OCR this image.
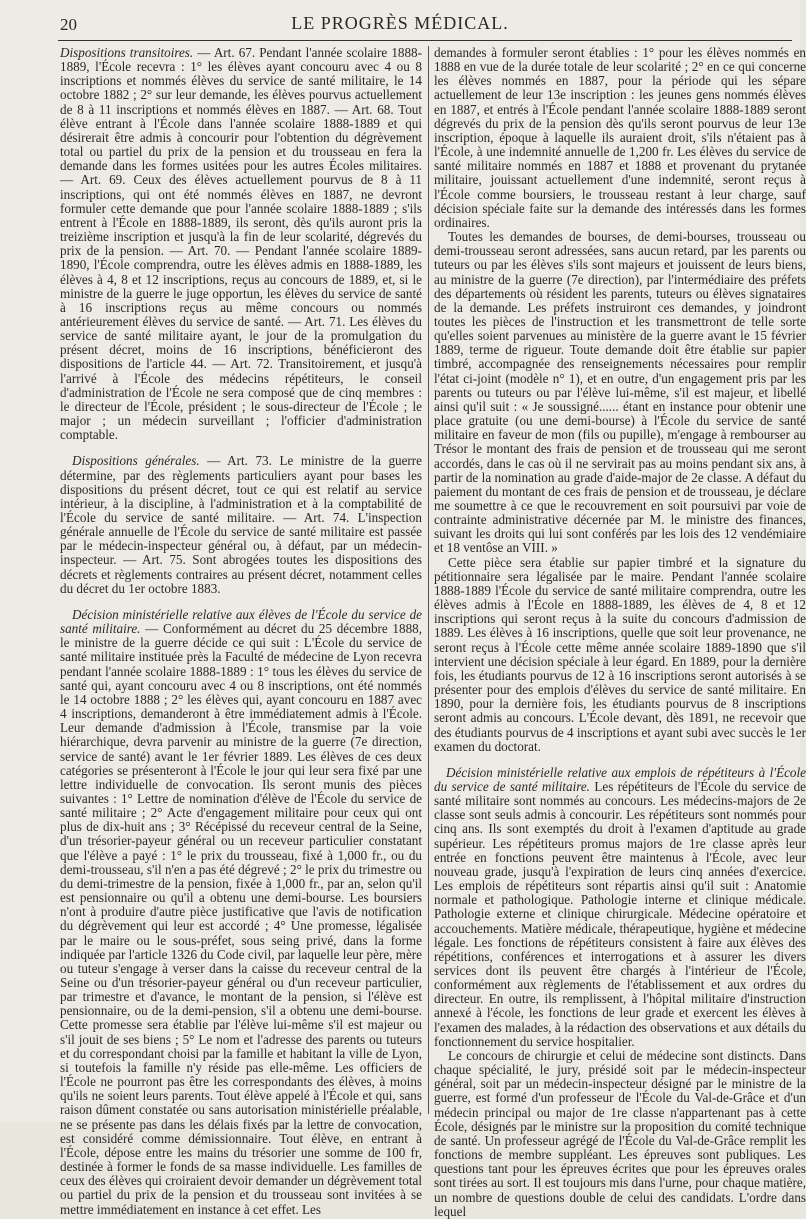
20	LE PROGRÈS MÉDICAL.

Dispositions transitoires. — Art. 67. Pendant l'année scolaire 1888-1889, l'École recevra : 1° les élèves ayant concouru avec 4 ou 8 inscriptions et nommés élèves du service de santé militaire, le 14 octobre 1882 ; 2° sur leur demande, les élèves pourvus actuellement de 8 à 11 inscriptions et nommés élèves en 1887. — Art. 68. Tout élève entrant à l'École dans l'année scolaire 1888-1889 et qui désirerait être admis à concourir pour l'obtention du dégrèvement total ou partiel du prix de la pension et du trousseau en fera la demande dans les formes usitées pour les autres Écoles militaires. — Art. 69. Ceux des élèves actuellement pourvus de 8 à 11 inscriptions, qui ont été nommés élèves en 1887, ne devront formuler cette demande que pour l'année scolaire 1888-1889 ; s'ils entrent à l'École en 1888-1889, ils seront, dès qu'ils auront pris la treizième inscription et jusqu'à la fin de leur scolarité, dégrevés du prix de la pension. — Art. 70. — Pendant l'année scolaire 1889-1890, l'École comprendra, outre les élèves admis en 1888-1889, les élèves à 4, 8 et 12 inscriptions, reçus au concours de 1889, et, si le ministre de la guerre le juge opportun, les élèves du service de santé à 16 inscriptions reçus au même concours ou nommés antérieurement élèves du service de santé. — Art. 71. Les élèves du service de santé militaire ayant, le jour de la promulgation du présent décret, moins de 16 inscriptions, bénéficieront des dispositions de l'article 44. — Art. 72. Transitoirement, et jusqu'à l'arrivé à l'École des médecins répétiteurs, le conseil d'administration de l'École ne sera composé que de cinq membres : le directeur de l'École, président ; le sous-directeur de l'École ; le major ; un médecin surveillant ; l'officier d'administration comptable.

Dispositions générales. — Art. 73. Le ministre de la guerre détermine, par des règlements particuliers ayant pour bases les dispositions du présent décret, tout ce qui est relatif au service intérieur, à la discipline, à l'administration et à la comptabilité de l'École du service de santé militaire. — Art. 74. L'inspection générale annuelle de l'École du service de santé militaire est passée par le médecin-inspecteur général ou, à défaut, par un médecin-inspecteur. — Art. 75. Sont abrogées toutes les dispositions des décrets et règlements contraires au présent décret, notamment celles du décret du 1er octobre 1883.

Décision ministérielle relative aux élèves de l'École du service de santé militaire. — Conformément au décret du 25 décembre 1888, le ministre de la guerre décide ce qui suit : L'École du service de santé militaire instituée près la Faculté de médecine de Lyon recevra pendant l'année scolaire 1888-1889 : 1° tous les élèves du service de santé qui, ayant concouru avec 4 ou 8 inscriptions, ont été nommés le 14 octobre 1888 ; 2° les élèves qui, ayant concouru en 1887 avec 4 inscriptions, demanderont à être immédiatement admis à l'École. Leur demande d'admission à l'École, transmise par la voie hiérarchique, devra parvenir au ministre de la guerre (7e direction, service de santé) avant le 1er février 1889. Les élèves de ces deux catégories se présenteront à l'École le jour qui leur sera fixé par une lettre individuelle de convocation. Ils seront munis des pièces suivantes : 1° Lettre de nomination d'élève de l'École du service de santé militaire ; 2° Acte d'engagement militaire pour ceux qui ont plus de dix-huit ans ; 3° Récépissé du receveur central de la Seine, d'un trésorier-payeur général ou un receveur particulier constatant que l'élève a payé : 1° le prix du trousseau, fixé à 1,000 fr., ou du demi-trousseau, s'il n'en a pas été dégrevé ; 2° le prix du trimestre ou du demi-trimestre de la pension, fixée à 1,000 fr., par an, selon qu'il est pensionnaire ou qu'il a obtenu une demi-bourse. Les boursiers n'ont à produire d'autre pièce justificative que l'avis de notification du dégrèvement qui leur est accordé ; 4° Une promesse, légalisée par le maire ou le sous-préfet, sous seing privé, dans la forme indiquée par l'article 1326 du Code civil, par laquelle leur père, mère ou tuteur s'engage à verser dans la caisse du receveur central de la Seine ou d'un trésorier-payeur général ou d'un receveur particulier, par trimestre et d'avance, le montant de la pension, si l'élève est pensionnaire, ou de la demi-pension, s'il a obtenu une demi-bourse. Cette promesse sera établie par l'élève lui-même s'il est majeur ou s'il jouit de ses biens ; 5° Le nom et l'adresse des parents ou tuteurs et du correspondant choisi par la famille et habitant la ville de Lyon, si toutefois la famille n'y réside pas elle-même. Les officiers de l'École ne pourront pas être les correspondants des élèves, à moins qu'ils ne soient leurs parents. Tout élève appelé à l'École et qui, sans raison dûment constatée ou sans autorisation ministérielle préalable, ne se présente pas dans les délais fixés par la lettre de convocation, est considéré comme démissionnaire. Tout élève, en entrant à l'École, dépose entre les mains du trésorier une somme de 100 fr, destinée à former le fonds de sa masse individuelle. Les familles de ceux des élèves qui croiraient devoir demander un dégrèvement total ou partiel du prix de la pension et du trousseau sont invitées à se mettre immédiatement en instance à cet effet. Les

demandes à formuler seront établies : 1° pour les élèves nommés en 1888 en vue de la durée totale de leur scolarité ; 2° en ce qui concerne les élèves nommés en 1887, pour la période qui les sépare actuellement de leur 13e inscription : les jeunes gens nommés élèves en 1887, et entrés à l'École pendant l'année scolaire 1888-1889 seront dégrevés du prix de la pension dès qu'ils seront pourvus de leur 13e inscription, époque à laquelle ils auraient droit, s'ils n'étaient pas à l'École, à une indemnité annuelle de 1,200 fr. Les élèves du service de santé militaire nommés en 1887 et 1888 et provenant du prytanée militaire, jouissant actuellement d'une indemnité, seront reçus à l'École comme boursiers, le trousseau restant à leur charge, sauf décision spéciale faite sur la demande des intéressés dans les formes ordinaires.

Toutes les demandes de bourses, de demi-bourses, trousseau ou demi-trousseau seront adressées, sans aucun retard, par les parents ou tuteurs ou par les élèves s'ils sont majeurs et jouissent de leurs biens, au ministre de la guerre (7e direction), par l'intermédiaire des préfets des départements où résident les parents, tuteurs ou élèves signataires de la demande. Les préfets instruiront ces demandes, y joindront toutes les pièces de l'instruction et les transmettront de telle sorte qu'elles soient parvenues au ministère de la guerre avant le 15 février 1889, terme de rigueur. Toute demande doit être établie sur papier timbré, accompagnée des renseignements nécessaires pour remplir l'état ci-joint (modèle n° 1), et en outre, d'un engagement pris par les parents ou tuteurs ou par l'élève lui-même, s'il est majeur, et libellé ainsi qu'il suit : « Je soussigné...... étant en instance pour obtenir une place gratuite (ou une demi-bourse) à l'École du service de santé militaire en faveur de mon (fils ou pupille), m'engage à rembourser au Trésor le montant des frais de pension et de trousseau qui me seront accordés, dans le cas où il ne servirait pas au moins pendant six ans, à partir de la nomination au grade d'aide-major de 2e classe. A défaut du paiement du montant de ces frais de pension et de trousseau, je déclare me soumettre à ce que le recouvrement en soit poursuivi par voie de contrainte administrative décernée par M. le ministre des finances, suivant les droits qui lui sont conférés par les lois des 12 vendémiaire et 18 ventôse an VIII. »

Cette pièce sera établie sur papier timbré et la signature du pétitionnaire sera légalisée par le maire. Pendant l'année scolaire 1888-1889 l'École du service de santé militaire comprendra, outre les élèves admis à l'École en 1888-1889, les élèves de 4, 8 et 12 inscriptions qui seront reçus à la suite du concours d'admission de 1889. Les élèves à 16 inscriptions, quelle que soit leur provenance, ne seront reçus à l'École cette même année scolaire 1889-1890 que s'il intervient une décision spéciale à leur égard. En 1889, pour la dernière fois, les étudiants pourvus de 12 à 16 inscriptions seront autorisés à se présenter pour des emplois d'élèves du service de santé militaire. En 1890, pour la dernière fois, les étudiants pourvus de 8 inscriptions seront admis au concours. L'École devant, dès 1891, ne recevoir que des étudiants pourvus de 4 inscriptions et ayant subi avec succès le 1er examen du doctorat.

Décision ministérielle relative aux emplois de répétiteurs à l'École du service de santé militaire. Les répétiteurs de l'École du service de santé militaire sont nommés au concours. Les médecins-majors de 2e classe sont seuls admis à concourir. Les répétiteurs sont nommés pour cinq ans. Ils sont exemptés du droit à l'examen d'aptitude au grade supérieur. Les répétiteurs promus majors de 1re classe après leur entrée en fonctions peuvent être maintenus à l'École, avec leur nouveau grade, jusqu'à l'expiration de leurs cinq années d'exercice. Les emplois de répétiteurs sont répartis ainsi qu'il suit : Anatomie normale et pathologique. Pathologie interne et clinique médicale. Pathologie externe et clinique chirurgicale. Médecine opératoire et accouchements. Matière médicale, thérapeutique, hygiène et médecine légale. Les fonctions de répétiteurs consistent à faire aux élèves des répétitions, conférences et interrogations et à assurer les divers services dont ils peuvent être chargés à l'intérieur de l'École, conformément aux règlements de l'établissement et aux ordres du directeur. En outre, ils remplissent, à l'hôpital militaire d'instruction annexé à l'école, les fonctions de leur grade et exercent les élèves à l'examen des malades, à la rédaction des observations et aux détails du fonctionnement du service hospitalier.

Le concours de chirurgie et celui de médecine sont distincts. Dans chaque spécialité, le jury, présidé soit par le médecin-inspecteur général, soit par un médecin-inspecteur désigné par le ministre de la guerre, est formé d'un professeur de l'École du Val-de-Grâce et d'un médecin principal ou major de 1re classe n'appartenant pas à cette École, désignés par le ministre sur la proposition du comité technique de santé. Un professeur agrégé de l'École du Val-de-Grâce remplit les fonctions de membre suppléant. Les épreuves sont publiques. Les questions tant pour les épreuves écrites que pour les épreuves orales sont tirées au sort. Il est toujours mis dans l'urne, pour chaque matière, un nombre de questions double de celui des candidats. L'ordre dans lequel
